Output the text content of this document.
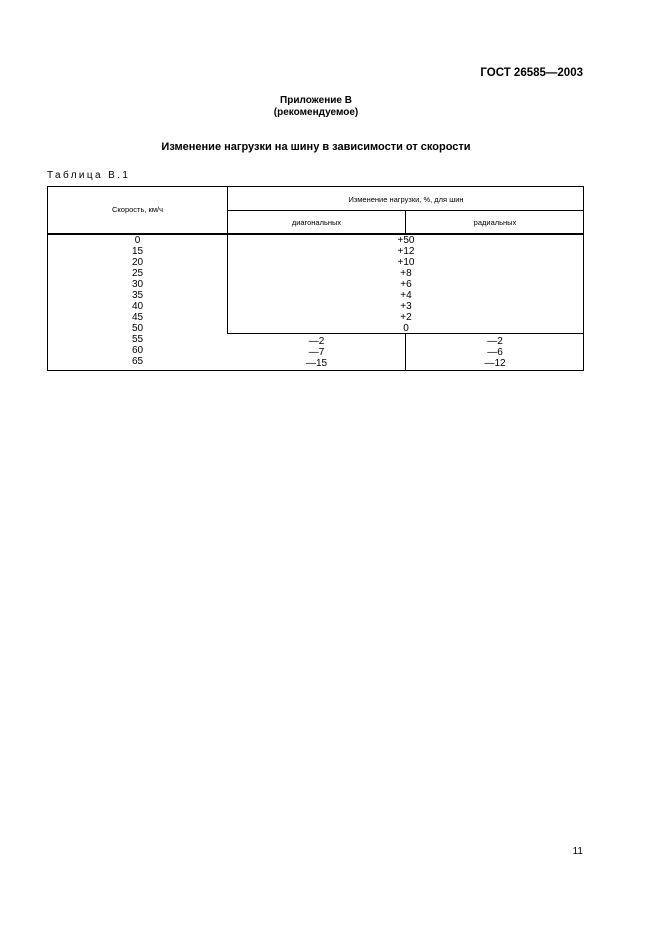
ГОСТ 26585—2003
Приложение В
(рекомендуемое)
Изменение нагрузки на шину в зависимости от скорости
Таблица В.1
Скорость, км/ч
Изменение нагрузки, %, для шин
диагональных	радиальных
0
15
20
25
30
35
40
45
50
55
60
65
+50
+12
+10
+8
+6
+4
+3
+2
0
—2
—7
—15
—2
—6
—12
11
